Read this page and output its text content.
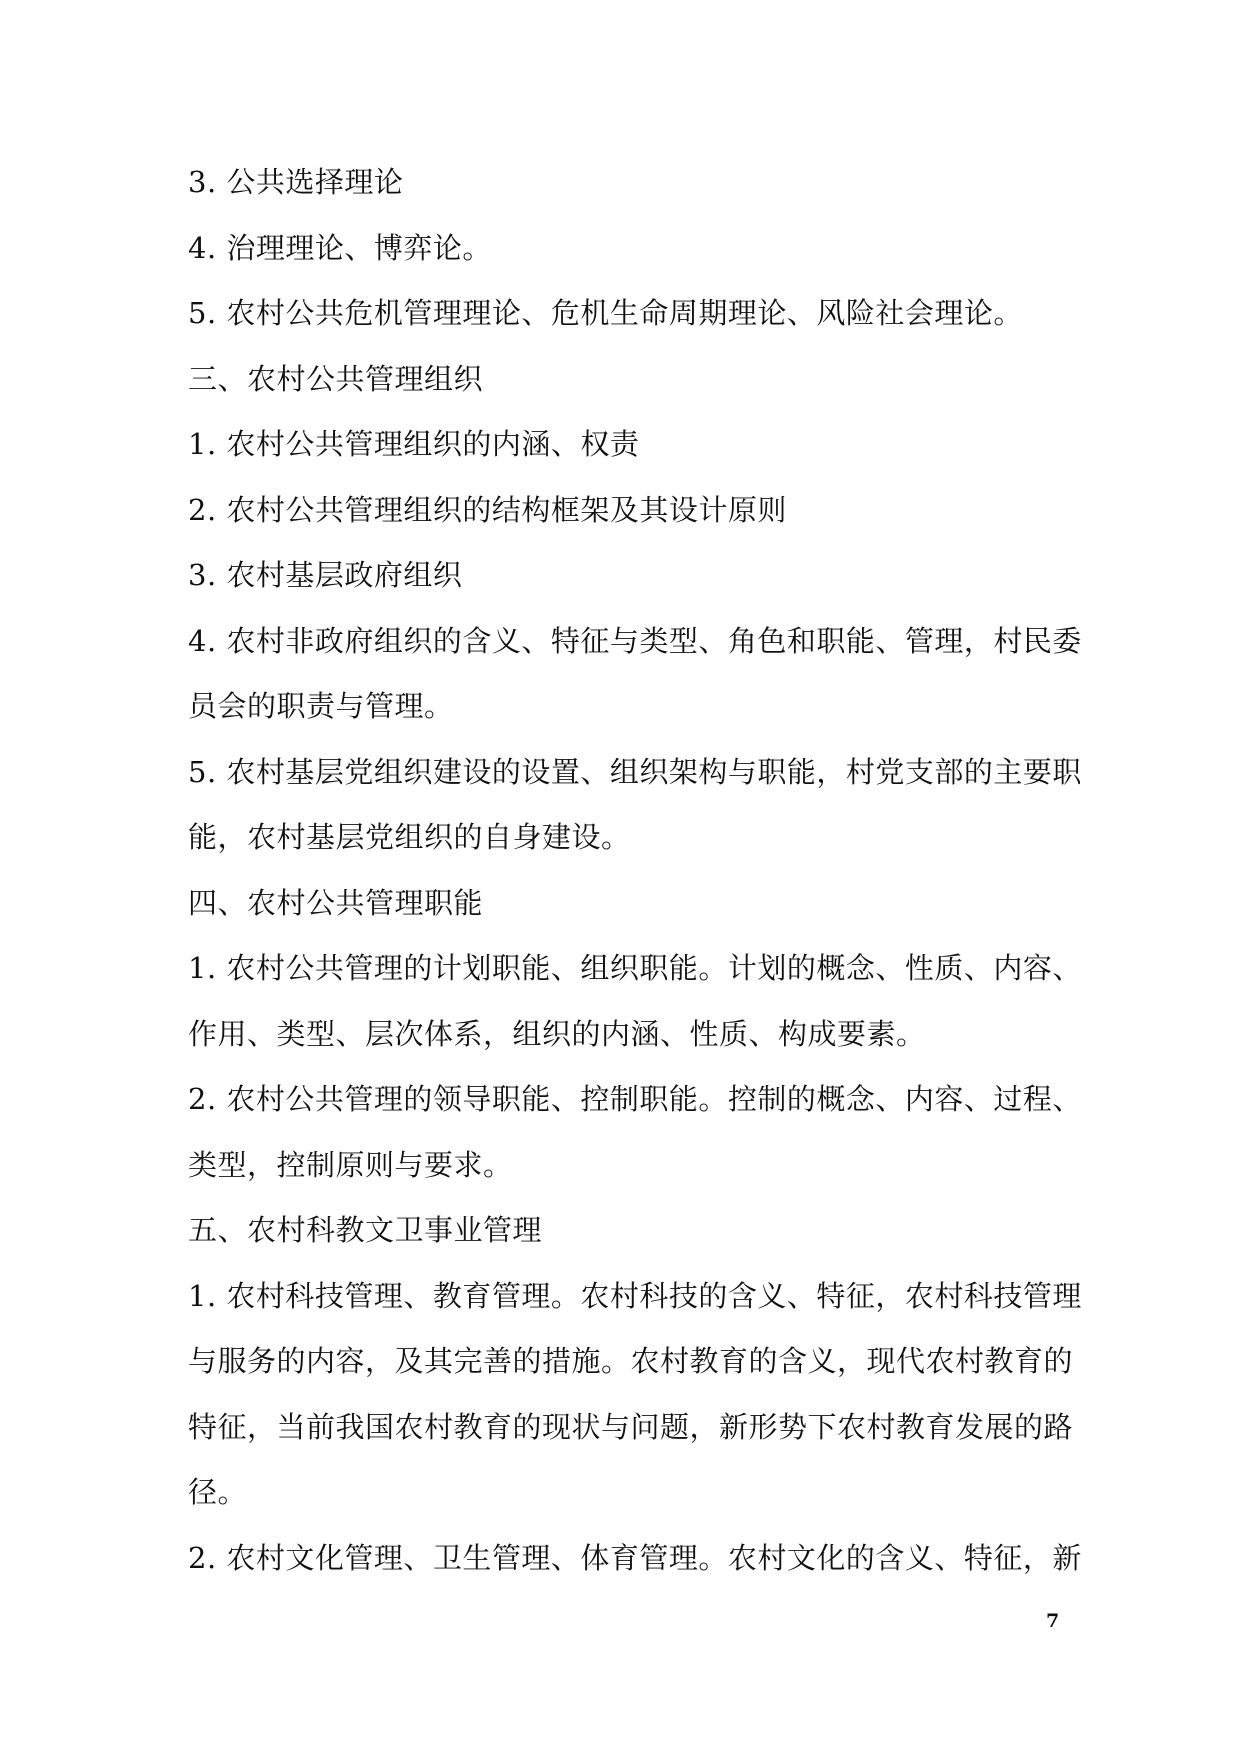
3. 公共选择理论
4. 治理理论、博弈论。
5. 农村公共危机管理理论、危机生命周期理论、风险社会理论。
三、农村公共管理组织
1. 农村公共管理组织的内涵、权责
2. 农村公共管理组织的结构框架及其设计原则
3. 农村基层政府组织
4. 农村非政府组织的含义、特征与类型、角色和职能、管理，村民委
员会的职责与管理。
5. 农村基层党组织建设的设置、组织架构与职能，村党支部的主要职
能，农村基层党组织的自身建设。
四、农村公共管理职能
1. 农村公共管理的计划职能、组织职能。计划的概念、性质、内容、
作用、类型、层次体系，组织的内涵、性质、构成要素。
2. 农村公共管理的领导职能、控制职能。控制的概念、内容、过程、
类型，控制原则与要求。
五、农村科教文卫事业管理
1. 农村科技管理、教育管理。农村科技的含义、特征，农村科技管理
与服务的内容，及其完善的措施。农村教育的含义，现代农村教育的
特征，当前我国农村教育的现状与问题，新形势下农村教育发展的路
径。
2. 农村文化管理、卫生管理、体育管理。农村文化的含义、特征，新
7
